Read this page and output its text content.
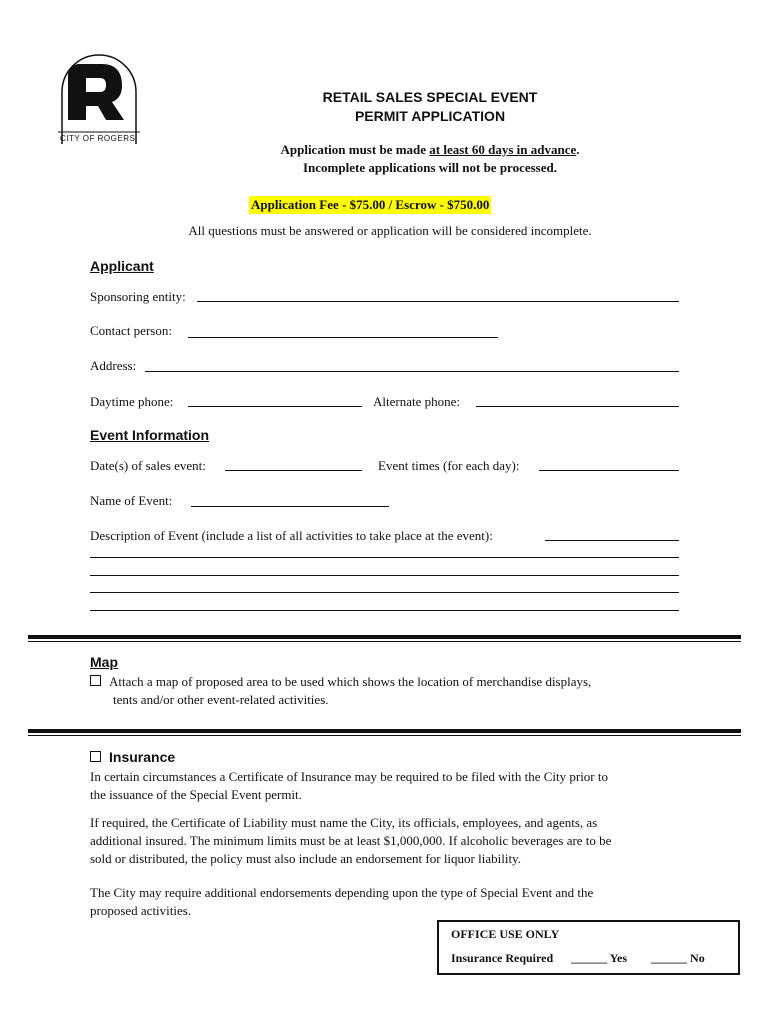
CITY OF ROGERS
RETAIL SALES SPECIAL EVENT
PERMIT APPLICATION
Application must be made at least 60 days in advance.
Incomplete applications will not be processed.
Application Fee - $75.00 / Escrow - $750.00
All questions must be answered or application will be considered incomplete.
Applicant
Sponsoring entity:
Contact person:
Address:
Daytime phone:	Alternate phone:
Event Information
Date(s) of sales event:	Event times (for each day):
Name of Event:
Description of Event (include a list of all activities to take place at the event):
Map
Attach a map of proposed area to be used which shows the location of merchandise displays,
tents and/or other event-related activities.
Insurance
In certain circumstances a Certificate of Insurance may be required to be filed with the City prior to
the issuance of the Special Event permit.
If required, the Certificate of Liability must name the City, its officials, employees, and agents, as
additional insured. The minimum limits must be at least $1,000,000. If alcoholic beverages are to be
sold or distributed, the policy must also include an endorsement for liquor liability.
The City may require additional endorsements depending upon the type of Special Event and the
proposed activities.
OFFICE USE ONLY
Insurance Required ______ Yes ______ No
